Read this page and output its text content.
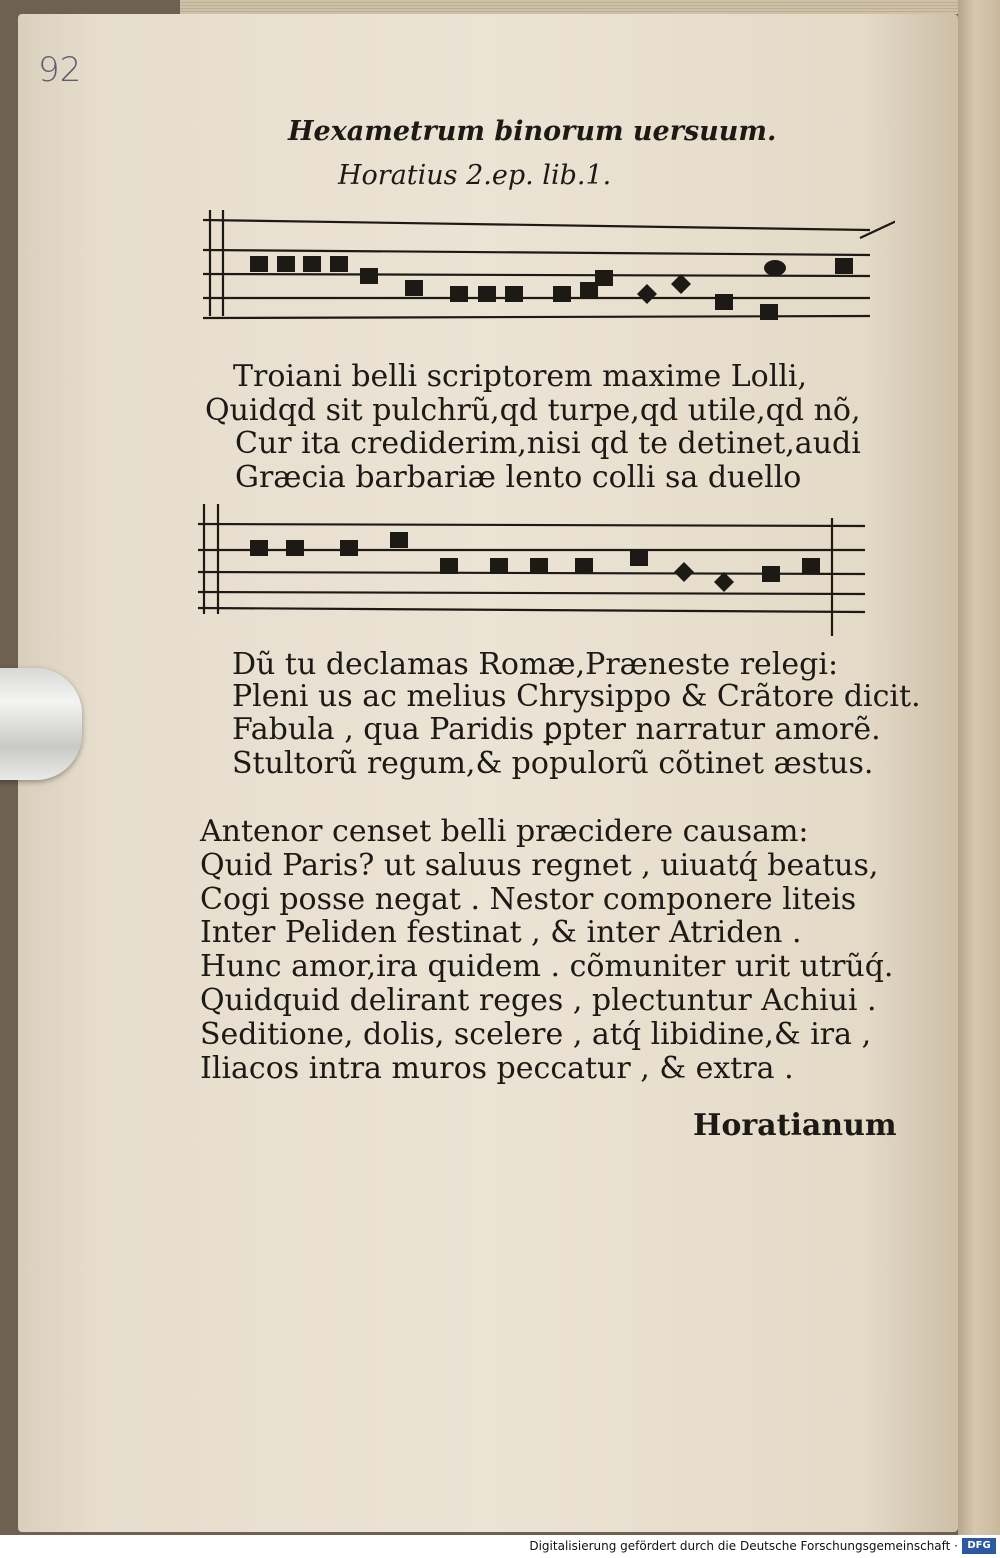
92
Hexametrum binorum uersuum.
Horatius 2.ep. lib.1.
Troiani belli scriptorem maxime Lolli,
Quidqd sit pulchrũ,qd turpe,qd utile,qd nõ,
Cur ita crediderim,nisi qd te detinet,audi
Græcia barbariæ lento colli sa duello
Dũ tu declamas Romæ,Præneste relegi:
Pleni us ac melius Chrysippo & Crãtore dicit.
Fabula , qua Paridis ꝑpter narratur amorẽ.
Stultorũ regum,& populorũ cõtinet æstus.
Antenor censet belli præcidere causam:
Quid Paris? ut saluus regnet , uiuatq́ beatus,
Cogi posse negat . Nestor componere liteis
Inter Peliden festinat , & inter Atriden .
Hunc amor,ira quidem . cõmuniter urit utrũq́.
Quidquid delirant reges , plectuntur Achiui .
Seditione, dolis, scelere , atq́ libidine,& ira ,
Iliacos intra muros peccatur , & extra .
Horatianum
Digitalisierung gefördert durch die Deutsche Forschungsgemeinschaft · DFG
